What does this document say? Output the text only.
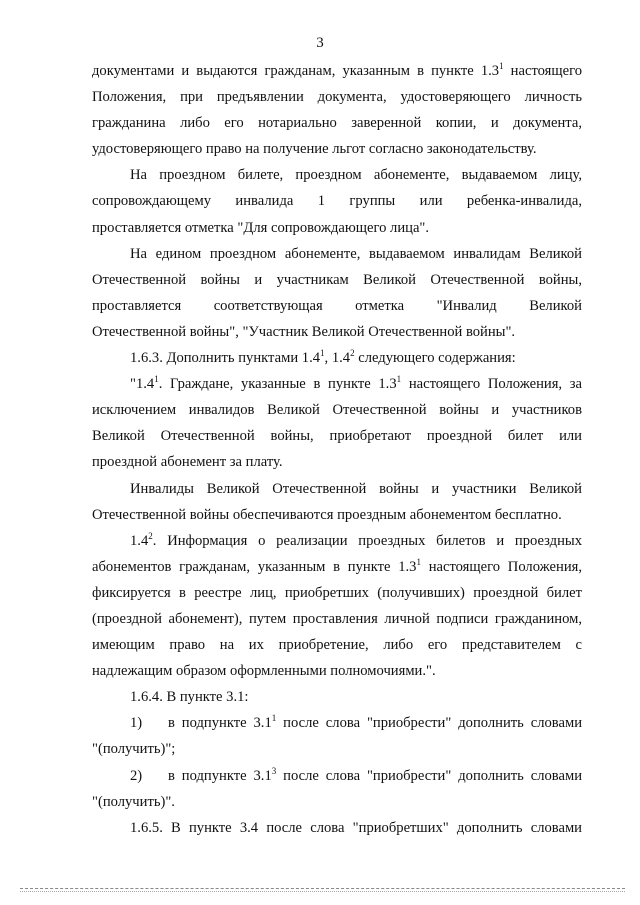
3
документами и выдаются гражданам, указанным в пункте $1.3^1$ настоящего
Положения, при предъявлении документа, удостоверяющего личность
гражданина либо его нотариально заверенной копии, и документа,
удостоверяющего право на получение льгот согласно законодательству.
На проездном билете, проездном абонементе, выдаваемом лицу,
сопровождающему инвалида 1 группы или ребенка-инвалида,
проставляется отметка "Для сопровождающего лица".
На едином проездном абонементе, выдаваемом инвалидам Великой
Отечественной войны и участникам Великой Отечественной войны,
проставляется соответствующая отметка "Инвалид Великой
Отечественной войны", "Участник Великой Отечественной войны".
1.6.3. Дополнить пунктами $1.4^1$, $1.4^2$ следующего содержания:
"$1.4^1$. Граждане, указанные в пункте $1.3^1$ настоящего Положения, за
исключением инвалидов Великой Отечественной войны и участников
Великой Отечественной войны, приобретают проездной билет или
проездной абонемент за плату.
Инвалиды Великой Отечественной войны и участники Великой
Отечественной войны обеспечиваются проездным абонементом бесплатно.
$1.4^2$. Информация о реализации проездных билетов и проездных
абонементов гражданам, указанным в пункте $1.3^1$ настоящего Положения,
фиксируется в реестре лиц, приобретших (получивших) проездной билет
(проездной абонемент), путем проставления личной подписи гражданином,
имеющим право на их приобретение, либо его представителем с
надлежащим образом оформленными полномочиями.".
1.6.4. В пункте 3.1:
1)	в подпункте $3.1^1$ после слова "приобрести" дополнить словами
"(получить)";
2)	в подпункте $3.1^3$ после слова "приобрести" дополнить словами
"(получить)".
1.6.5. В пункте 3.4 после слова "приобретших" дополнить словами
